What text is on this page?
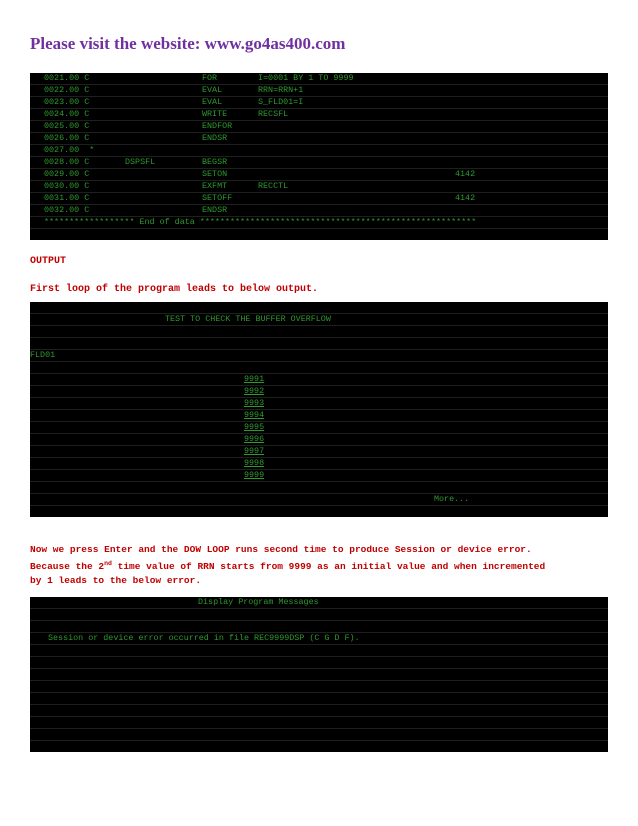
Please visit the website: www.go4as400.com
0021.00 C	FOR	I=0001 BY 1 TO 9999
0022.00 C	EVAL	RRN=RRN+1
0023.00 C	EVAL	S_FLD01=I
0024.00 C	WRITE	RECSFL
0025.00 C	ENDFOR
0026.00 C	ENDSR
0027.00  *
0028.00 C	DSPSFL	BEGSR
0029.00 C	SETON	4142
0030.00 C	EXFMT	RECCTL
0031.00 C	SETOFF	4142
0032.00 C	ENDSR
****************** End of data *******************************************************
OUTPUT
First loop of the program leads to below output.
TEST TO CHECK THE BUFFER OVERFLOW
FLD01
9991
9992
9993
9994
9995
9996
9997
9998
9999
More...
Now we press Enter and the DOW LOOP runs second time to produce Session or device error.
Because the 2nd time value of RRN starts from 9999 as an initial value and when incremented
by 1 leads to the below error.
Display Program Messages
Session or device error occurred in file REC9999DSP (C G D F).
